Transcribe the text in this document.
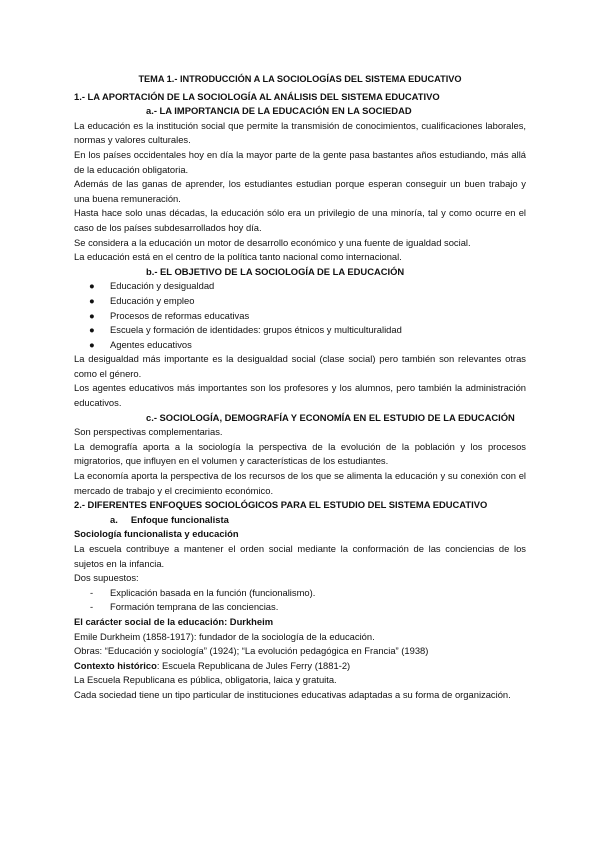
TEMA 1.- INTRODUCCIÓN A LA SOCIOLOGÍAS DEL SISTEMA EDUCATIVO
1.- LA APORTACIÓN DE LA SOCIOLOGÍA AL ANÁLISIS DEL SISTEMA EDUCATIVO
a.- LA IMPORTANCIA DE LA EDUCACIÓN EN LA SOCIEDAD

La educación es la institución social que permite la transmisión de conocimientos, cualificaciones laborales, normas y valores culturales.

En los países occidentales hoy en día la mayor parte de la gente pasa bastantes años estudiando, más allá de la educación obligatoria.

Además de las ganas de aprender, los estudiantes estudian porque esperan conseguir un buen trabajo y una buena remuneración.

Hasta hace solo unas décadas, la educación sólo era un privilegio de una minoría, tal y como ocurre en el caso de los países subdesarrollados hoy día.

Se considera a la educación un motor de desarrollo económico y una fuente de igualdad social.

La educación está en el centro de la política tanto nacional como internacional.

b.- EL OBJETIVO DE LA SOCIOLOGÍA DE LA EDUCACIÓN
● Educación y desigualdad
● Educación y empleo
● Procesos de reformas educativas
● Escuela y formación de identidades: grupos étnicos y multiculturalidad
● Agentes educativos

La desigualdad más importante es la desigualdad social (clase social) pero también son relevantes otras como el género.

Los agentes educativos más importantes son los profesores y los alumnos, pero también la administración educativos.

c.- SOCIOLOGÍA, DEMOGRAFÍA Y ECONOMÍA EN EL ESTUDIO DE LA EDUCACIÓN

Son perspectivas complementarias.

La demografía aporta a la sociología la perspectiva de la evolución de la población y los procesos migratorios, que influyen en el volumen y características de los estudiantes.

La economía aporta la perspectiva de los recursos de los que se alimenta la educación y su conexión con el mercado de trabajo y el crecimiento económico.

2.- DIFERENTES ENFOQUES SOCIOLÓGICOS PARA EL ESTUDIO DEL SISTEMA EDUCATIVO
a. Enfoque funcionalista
Sociología funcionalista y educación

La escuela contribuye a mantener el orden social mediante la conformación de las conciencias de los sujetos en la infancia.

Dos supuestos:

- Explicación basada en la función (funcionalismo).
- Formación temprana de las conciencias.
El carácter social de la educación: Durkheim

Emile Durkheim (1858-1917): fundador de la sociología de la educación.

Obras: “Educación y sociología” (1924); “La evolución pedagógica en Francia” (1938)

Contexto histórico: Escuela Republicana de Jules Ferry (1881-2)

La Escuela Republicana es pública, obligatoria, laica y gratuita.

Cada sociedad tiene un tipo particular de instituciones educativas adaptadas a su forma de organización.
